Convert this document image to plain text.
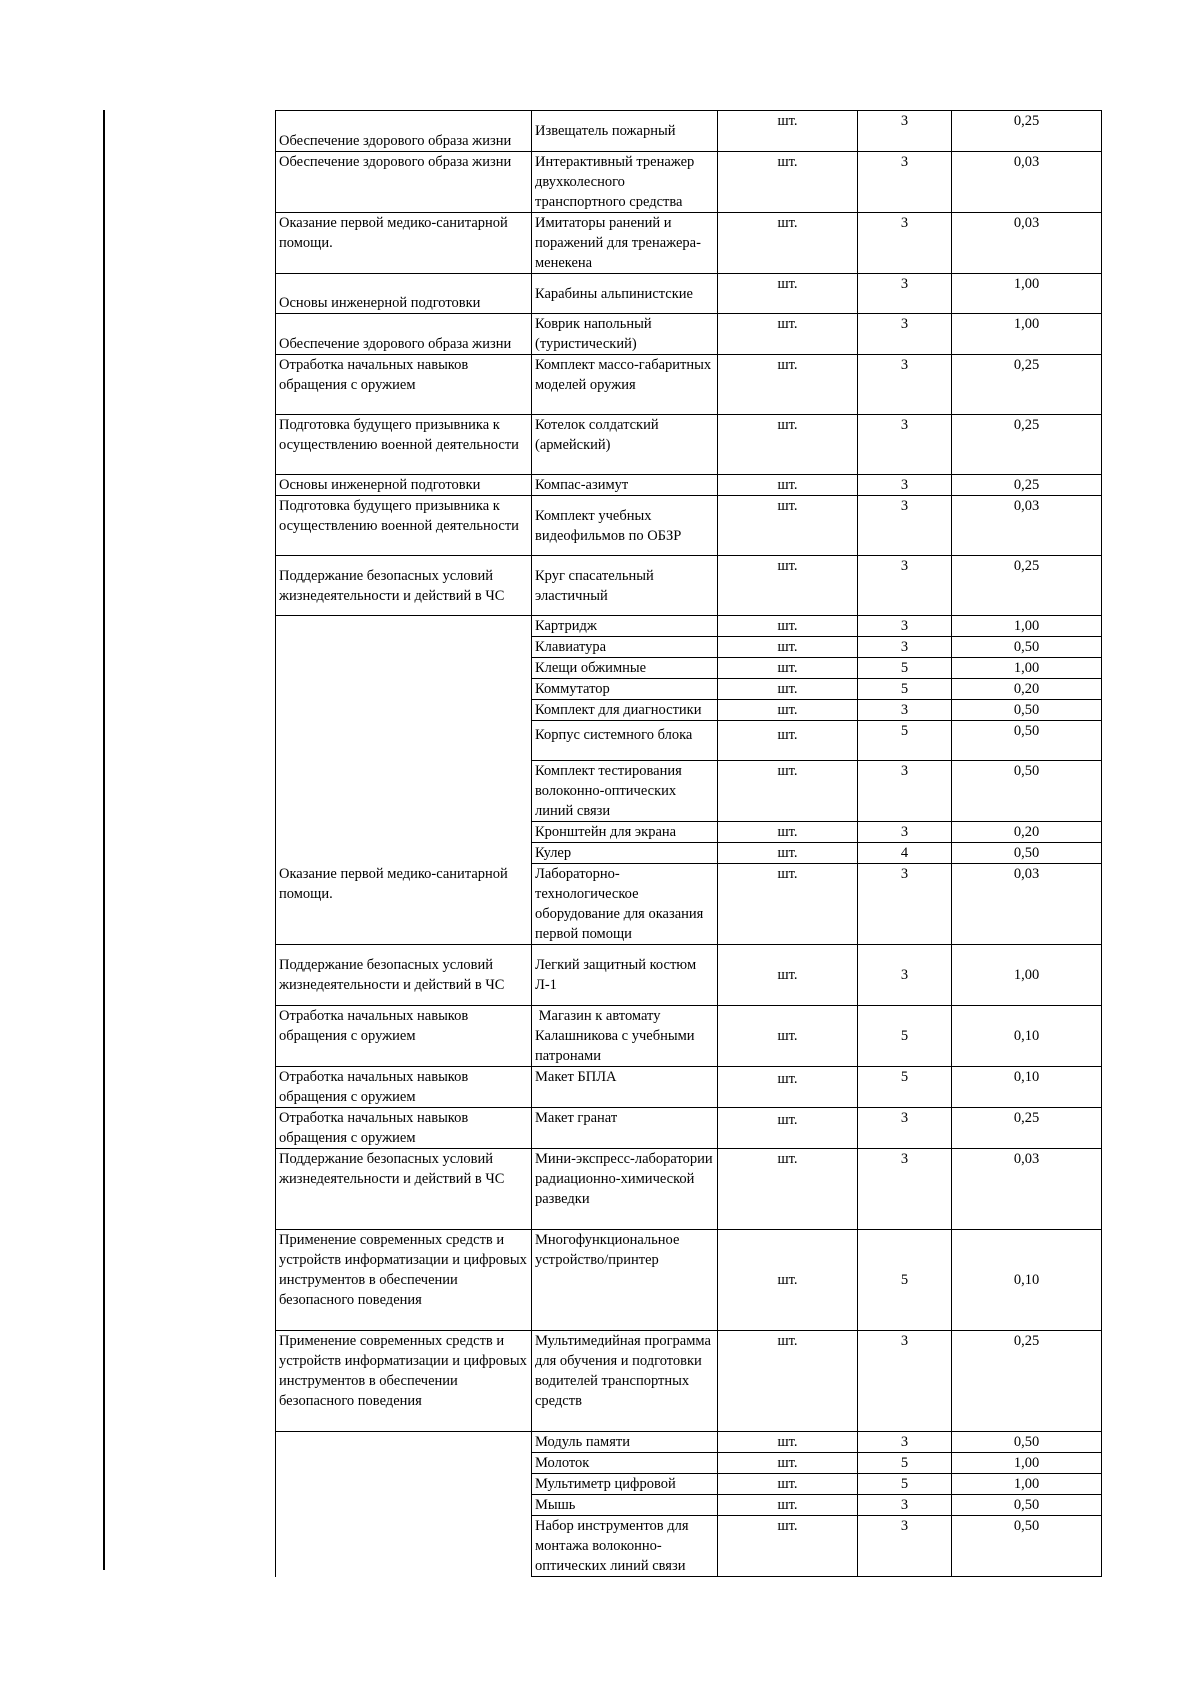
Обеспечение здорового образа жизни	Извещатель пожарный	шт.	3	0,25
Обеспечение здорового образа жизни	Интерактивный тренажер двухколесного транспортного средства	шт.	3	0,03
Оказание первой медико-санитарной помощи.	Имитаторы ранений и поражений для тренажера-менекена	шт.	3	0,03
Основы инженерной подготовки	Карабины альпинистские	шт.	3	1,00
Обеспечение здорового образа жизни	Коврик напольный (туристический)	шт.	3	1,00
Отработка начальных навыков обращения с оружием	Комплект массо-габаритных моделей оружия	шт.	3	0,25
Подготовка будущего призывника к осуществлению военной деятельности	Котелок солдатский (армейский)	шт.	3	0,25
Основы инженерной подготовки	Компас-азимут	шт.	3	0,25
Подготовка будущего призывника к осуществлению военной деятельности	Комплект учебных видеофильмов по ОБЗР	шт.	3	0,03
Поддержание безопасных условий жизнедеятельности и действий в ЧС	Круг спасательный эластичный	шт.	3	0,25
Оказание первой медико-санитарной помощи.	Картридж	шт.	3	1,00
	Клавиатура	шт.	3	0,50
	Клещи обжимные	шт.	5	1,00
	Коммутатор	шт.	5	0,20
	Комплект для диагностики	шт.	3	0,50
	Корпус системного блока	шт.	5	0,50
	Комплект тестирования волоконно-оптических линий связи	шт.	3	0,50
	Кронштейн для экрана	шт.	3	0,20
	Кулер	шт.	4	0,50
	Лабораторно-технологическое оборудование для оказания первой помощи	шт.	3	0,03
Поддержание безопасных условий жизнедеятельности и действий в ЧС	Легкий защитный костюм Л-1	шт.	3	1,00
Отработка начальных навыков обращения с оружием	Магазин к автомату Калашникова с учебными патронами	шт.	5	0,10
Отработка начальных навыков обращения с оружием	Макет БПЛА	шт.	5	0,10
Отработка начальных навыков обращения с оружием	Макет гранат	шт.	3	0,25
Поддержание безопасных условий жизнедеятельности и действий в ЧС	Мини-экспресс-лаборатории радиационно-химической разведки	шт.	3	0,03
Применение современных средств и устройств информатизации и цифровых инструментов в обеспечении безопасного поведения	Многофункциональное устройство/принтер	шт.	5	0,10
Применение современных средств и устройств информатизации и цифровых инструментов в обеспечении безопасного поведения	Мультимедийная программа для обучения и подготовки водителей транспортных средств	шт.	3	0,25
	Модуль памяти	шт.	3	0,50
	Молоток	шт.	5	1,00
	Мультиметр цифровой	шт.	5	1,00
	Мышь	шт.	3	0,50
	Набор инструментов для монтажа волоконно-оптических линий связи	шт.	3	0,50
